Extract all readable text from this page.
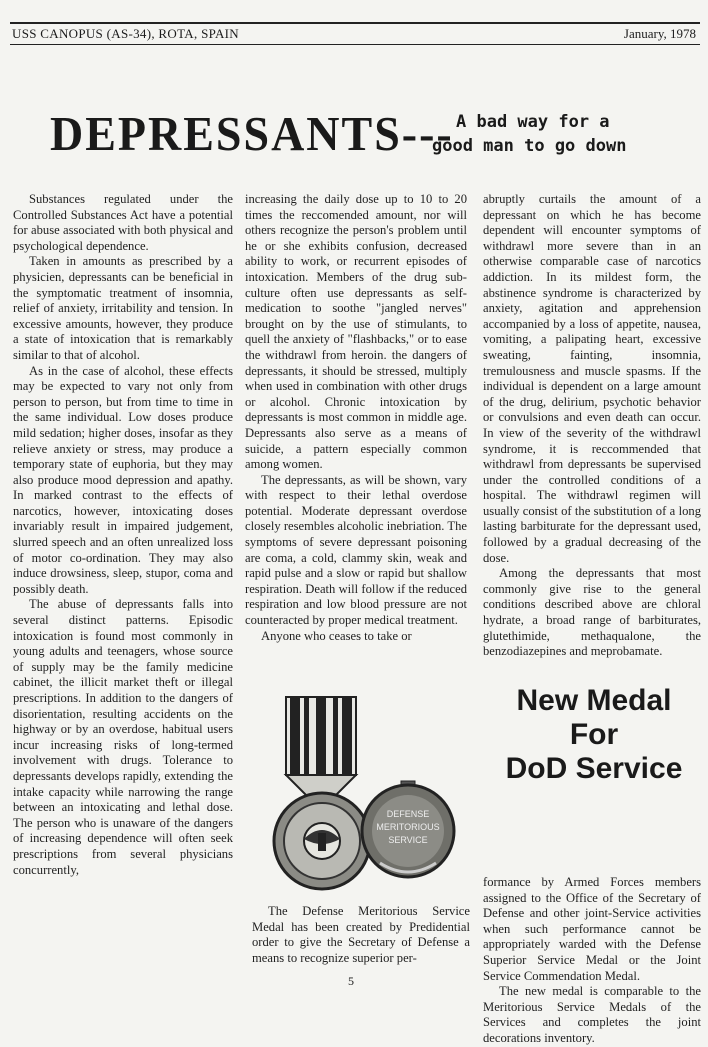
USS CANOPUS (AS-34), ROTA, SPAIN	January, 1978

DEPRESSANTS--- A bad way for a
good man to go down

Substances regulated under the Controlled Substances Act have a potential for abuse associated with both physical and psychological dependence.

Taken in amounts as prescribed by a physicien, depressants can be beneficial in the symptomatic treatment of insomnia, relief of anxiety, irritability and tension. In excessive amounts, however, they produce a state of intoxication that is remarkably similar to that of alcohol.

As in the case of alcohol, these effects may be expected to vary not only from person to person, but from time to time in the same individual. Low doses produce mild sedation; higher doses, insofar as they relieve anxiety or stress, may produce a temporary state of euphoria, but they may also produce mood depression and apathy. In marked contrast to the effects of narcotics, however, intoxicating doses invariably result in impaired judgement, slurred speech and an often unrealized loss of motor co-ordination. They may also induce drowsiness, sleep, stupor, coma and possibly death.

The abuse of depressants falls into several distinct patterns. Episodic intoxication is found most commonly in young adults and teenagers, whose source of supply may be the family medicine cabinet, the illicit market theft or illegal prescriptions. In addition to the dangers of disorientation, resulting accidents on the highway or by an overdose, habitual users incur increasing risks of long-termed involvement with drugs. Tolerance to depressants develops rapidly, extending the intake capacity while narrowing the range between an intoxicating and lethal dose. The person who is unaware of the dangers of increasing dependence will often seek prescriptions from several physicians concurrently,

increasing the daily dose up to 10 to 20 times the reccomended amount, nor will others recognize the person's problem until he or she exhibits confusion, decreased ability to work, or recurrent episodes of intoxication. Members of the drug sub-culture often use depressants as self-medication to soothe "jangled nerves" brought on by the use of stimulants, to quell the anxiety of "flashbacks," or to ease the withdrawl from heroin. the dangers of depressants, it should be stressed, multiply when used in combination with other drugs or alcohol. Chronic intoxication by depressants is most common in middle age. Depressants also serve as a means of suicide, a pattern especially common among women.

The depressants, as will be shown, vary with respect to their lethal overdose potential. Moderate depressant overdose closely resembles alcoholic inebriation. The symptoms of severe depressant poisoning are coma, a cold, clammy skin, weak and rapid pulse and a slow or rapid but shallow respiration. Death will follow if the reduced respiration and low blood pressure are not counteracted by proper medical treatment.

Anyone who ceases to take or

abruptly curtails the amount of a depressant on which he has become dependent will encounter symptoms of withdrawl more severe than in an otherwise comparable case of narcotics addiction. In its mildest form, the abstinence syndrome is characterized by anxiety, agitation and apprehension accompanied by a loss of appetite, nausea, vomiting, a palipating heart, excessive sweating, fainting, insomnia, tremulousness and muscle spasms. If the individual is dependent on a large amount of the drug, delirium, psychotic behavior or convulsions and even death can occur. In view of the severity of the withdrawl syndrome, it is reccommended that withdrawl from depressants be supervised under the controlled conditions of a hospital. The withdrawl regimen will usually consist of the substitution of a long lasting barbiturate for the depressant used, followed by a gradual decreasing of the dose.

Among the depressants that most commonly give rise to the general conditions described above are chloral hydrate, a broad range of barbiturates, glutethimide, methaqualone, the benzodiazepines and meprobamate.

DEFENSE
MERITORIOUS
SERVICE
New Medal
For
DoD Service

The Defense Meritorious Service Medal has been created by Predidential order to give the Secretary of Defense a means to recognize superior per-

formance by Armed Forces members assigned to the Office of the Secretary of Defense and other joint-Service activities when such performance cannot be appropriately warded with the Defense Superior Service Medal or the Joint Service Commendation Medal.

The new medal is comparable to the Meritorious Service Medals of the Services and completes the joint decorations inventory.

5
